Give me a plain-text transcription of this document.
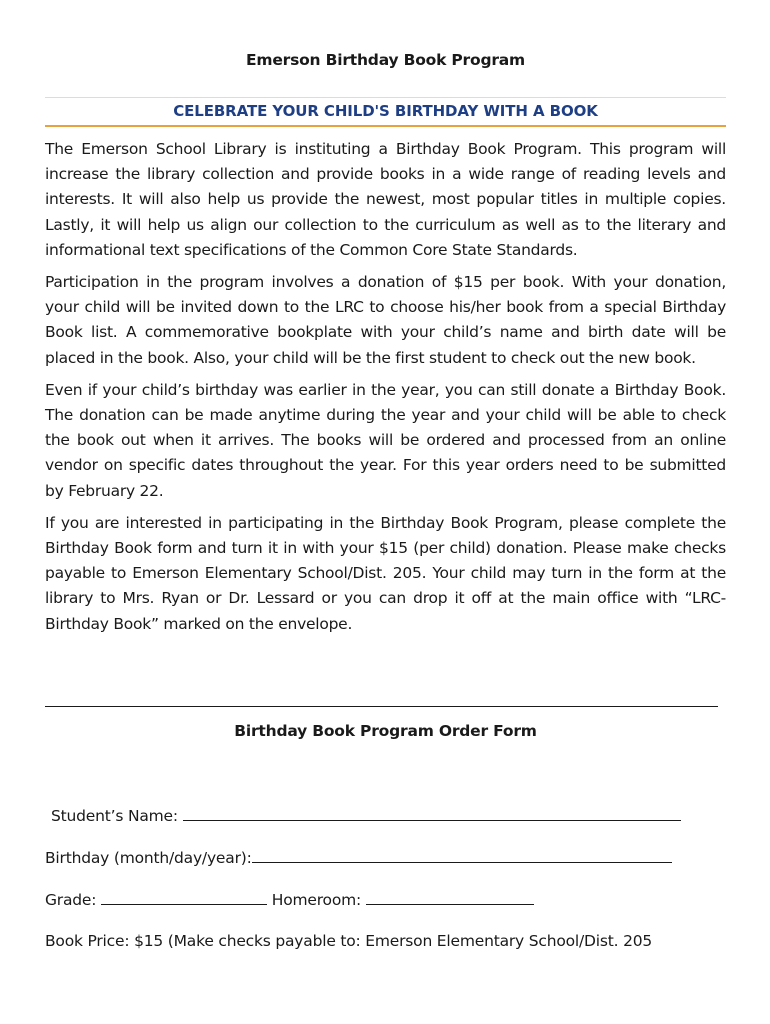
Emerson Birthday Book Program
CELEBRATE YOUR CHILD'S BIRTHDAY WITH A BOOK

The Emerson School Library is instituting a Birthday Book Program. This program will increase the library collection and provide books in a wide range of reading levels and interests. It will also help us provide the newest, most popular titles in multiple copies. Lastly, it will help us align our collection to the curriculum as well as to the literary and informational text specifications of the Common Core State Standards.

Participation in the program involves a donation of $15 per book. With your donation, your child will be invited down to the LRC to choose his/her book from a special Birthday Book list. A commemorative bookplate with your child’s name and birth date will be placed in the book. Also, your child will be the first student to check out the new book.

Even if your child’s birthday was earlier in the year, you can still donate a Birthday Book. The donation can be made anytime during the year and your child will be able to check the book out when it arrives. The books will be ordered and processed from an online vendor on specific dates throughout the year. For this year orders need to be submitted by February 22.

If you are interested in participating in the Birthday Book Program, please complete the Birthday Book form and turn it in with your $15 (per child) donation. Please make checks payable to Emerson Elementary School/Dist. 205. Your child may turn in the form at the library to Mrs. Ryan or Dr. Lessard or you can drop it off at the main office with “LRC-Birthday Book” marked on the envelope.

Birthday Book Program Order Form
Student’s Name:
Birthday (month/day/year):
Grade:	Homeroom:
Book Price: $15 (Make checks payable to: Emerson Elementary School/Dist. 205
